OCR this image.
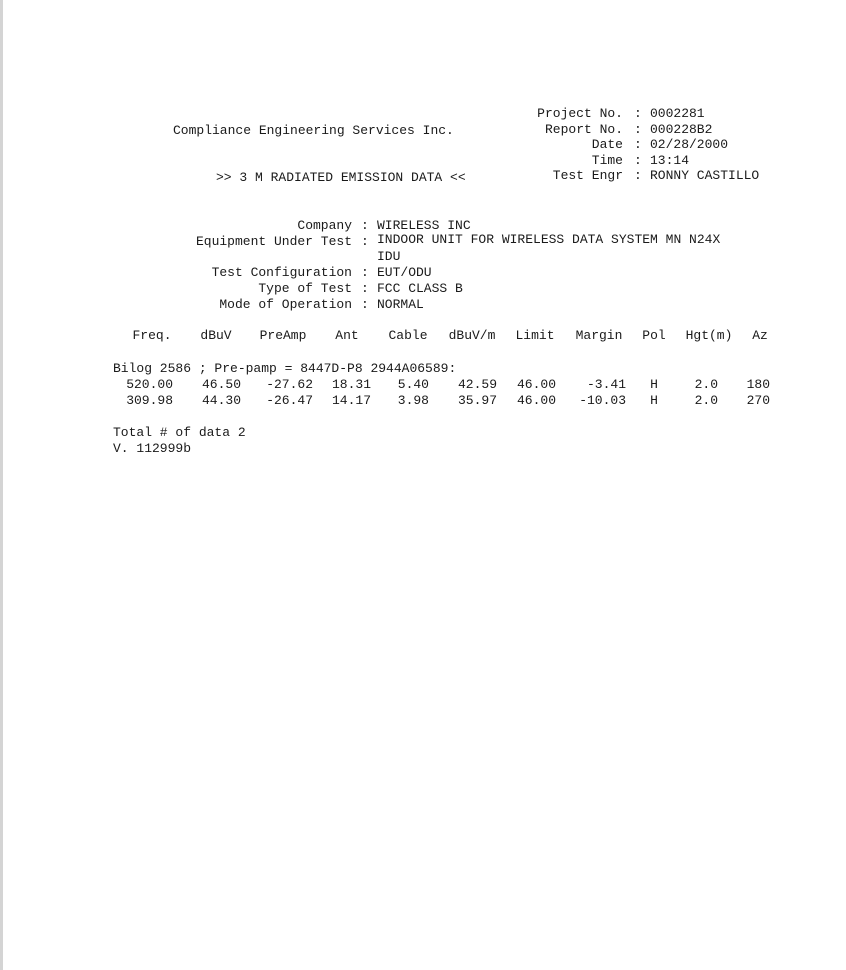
Compliance Engineering Services Inc.
>> 3 M RADIATED EMISSION DATA <<
Project No. : 0002281
Report No. : 000228B2
Date : 02/28/2000
Time : 13:14
Test Engr : RONNY CASTILLO
Company : WIRELESS INC
Equipment Under Test : INDOOR UNIT FOR WIRELESS DATA SYSTEM MN N24X
IDU
Test Configuration : EUT/ODU
Type of Test : FCC CLASS B
Mode of Operation : NORMAL
Freq.	dBuV	PreAmp	Ant	Cable	dBuV/m	Limit	Margin	Pol	Hgt(m)	Az
Bilog 2586 ; Pre-pamp = 8447D-P8 2944A06589:
520.00	46.50	-27.62	18.31	5.40	42.59	46.00	-3.41	H	2.0	180
309.98	44.30	-26.47	14.17	3.98	35.97	46.00	-10.03	H	2.0	270
Total # of data 2
V. 112999b
